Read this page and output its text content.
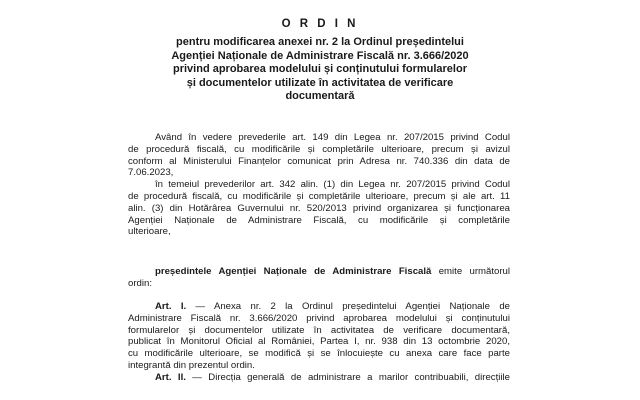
O R D I N
pentru modificarea anexei nr. 2 la Ordinul președintelui
Agenției Naționale de Administrare Fiscală nr. 3.666/2020
privind aprobarea modelului și conținutului formularelor
și documentelor utilizate în activitatea de verificare
documentară
Având în vedere prevederile art. 149 din Legea nr. 207/2015 privind Codul
de procedură fiscală, cu modificările și completările ulterioare, precum și avizul
conform al Ministerului Finanțelor comunicat prin Adresa nr. 740.336 din data de
7.06.2023,
în temeiul prevederilor art. 342 alin. (1) din Legea nr. 207/2015 privind Codul
de procedură fiscală, cu modificările și completările ulterioare, precum și ale art. 11
alin. (3) din Hotărârea Guvernului nr. 520/2013 privind organizarea și funcționarea
Agenției Naționale de Administrare Fiscală, cu modificările și completările
ulterioare,
președintele Agenției Naționale de Administrare Fiscală emite următorul
ordin:
Art. I. — Anexa nr. 2 la Ordinul președintelui Agenției Naționale de
Administrare Fiscală nr. 3.666/2020 privind aprobarea modelului și conținutului
formularelor și documentelor utilizate în activitatea de verificare documentară,
publicat în Monitorul Oficial al României, Partea I, nr. 938 din 13 octombrie 2020,
cu modificările ulterioare, se modifică și se înlocuiește cu anexa care face parte
integrantă din prezentul ordin.
Art. II. — Direcția generală de administrare a marilor contribuabili, direcțiile
